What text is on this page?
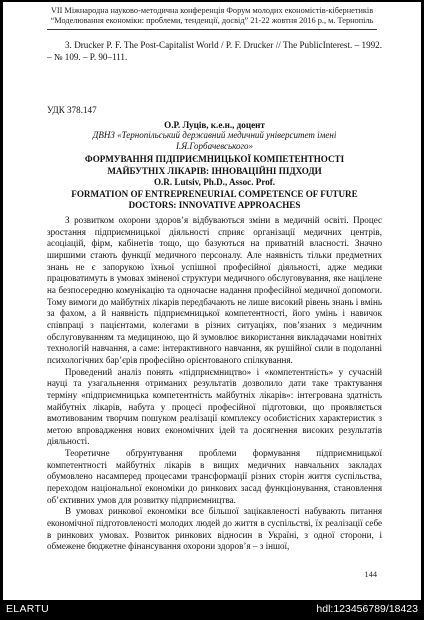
VII Міжнародна науково-методична конференція Форум молодих економістів-кібернетиків
“Моделювання економіки: проблеми, тенденції, досвід” 21-22 жовтня 2016 р., м. Тернопіль
3. Drucker P. F. The Post-Capitalist World / P. F. Drucker // The PublicInterest. – 1992. – № 109. – P. 90–111.
УДК 378.147
О.Р. Луців, к.е.н., доцент
ДВНЗ «Тернопільський державний медичний університет імені
І.Я.Горбачевського»
ФОРМУВАННЯ ПІДПРИЄМНИЦЬКОЇ КОМПЕТЕНТНОСТІ
МАЙБУТНІХ ЛІКАРІВ: ІННОВАЦІЙНІ ПІДХОДИ
O.R. Lutsiv, Ph.D., Assoc. Prof.
FORMATION OF ENTREPRENEURIAL COMPETENCE OF FUTURE
DOCTORS: INNOVATIVE APPROACHES

З розвитком охорони здоров’я відбуваються зміни в медичній освіті. Процес зростання підприємницької діяльності сприяє організації медичних центрів, асоціацій, фірм, кабінетів тощо, що базуються на приватній власності. Значно ширшими стають функції медичного персоналу. Але наявність тільки предметних знань не є запорукою їхньої успішної професійної діяльності, адже медики працюватимуть в умовах зміненої структури медичного обслуговування, яке націлене на безпосередню комунікацію та одночасне надання професійної медичної допомоги. Тому вимоги до майбутніх лікарів передбачають не лише високий рівень знань і вмінь за фахом, а й наявність підприємницької компетентності, його умінь і навичок співпраці з пацієнтами, колегами в різних ситуаціях, пов’язаних з медичним обслуговуванням та медициною, що й зумовлює використання викладачами новітніх технологій навчання, а саме: інтерактивного навчання, як рушійної сили в подоланні психологічних бар’єрів професійно орієнтованого спілкування.

Проведений аналіз понять «підприємництво» і «компетентність» у сучасній науці та узагальнення отриманих результатів дозволило дати таке трактування терміну «підприємницька компетентність майбутніх лікарів»: інтегрована здатність майбутніх лікарів, набута у процесі професійної підготовки, що проявляється вмотивованим творчим пошуком реалізації комплексу особистісних характеристик з метою впровадження нових економічних ідей та досягнення високих результатів діяльності.

Теоретичне обґрунтування проблеми формування підприємницької компетентності майбутніх лікарів в вищих медичних навчальних закладах обумовлено насамперед процесами трансформації різних сторін життя суспільства, переходом національної економіки до ринкових засад функціонування, становлення об’єктивних умов для розвитку підприємництва.

В умовах ринкової економіки все більшої зацікавленості набувають питання економічної підготовленості молодих людей до життя в суспільстві, їх реалізації себе в ринкових умовах. Розвиток ринкових відносин в Україні, з одної сторони, і обмежене бюджетне фінансування охорони здоров’я – з іншої,

144
ELARTU	hdl:123456789/18423
